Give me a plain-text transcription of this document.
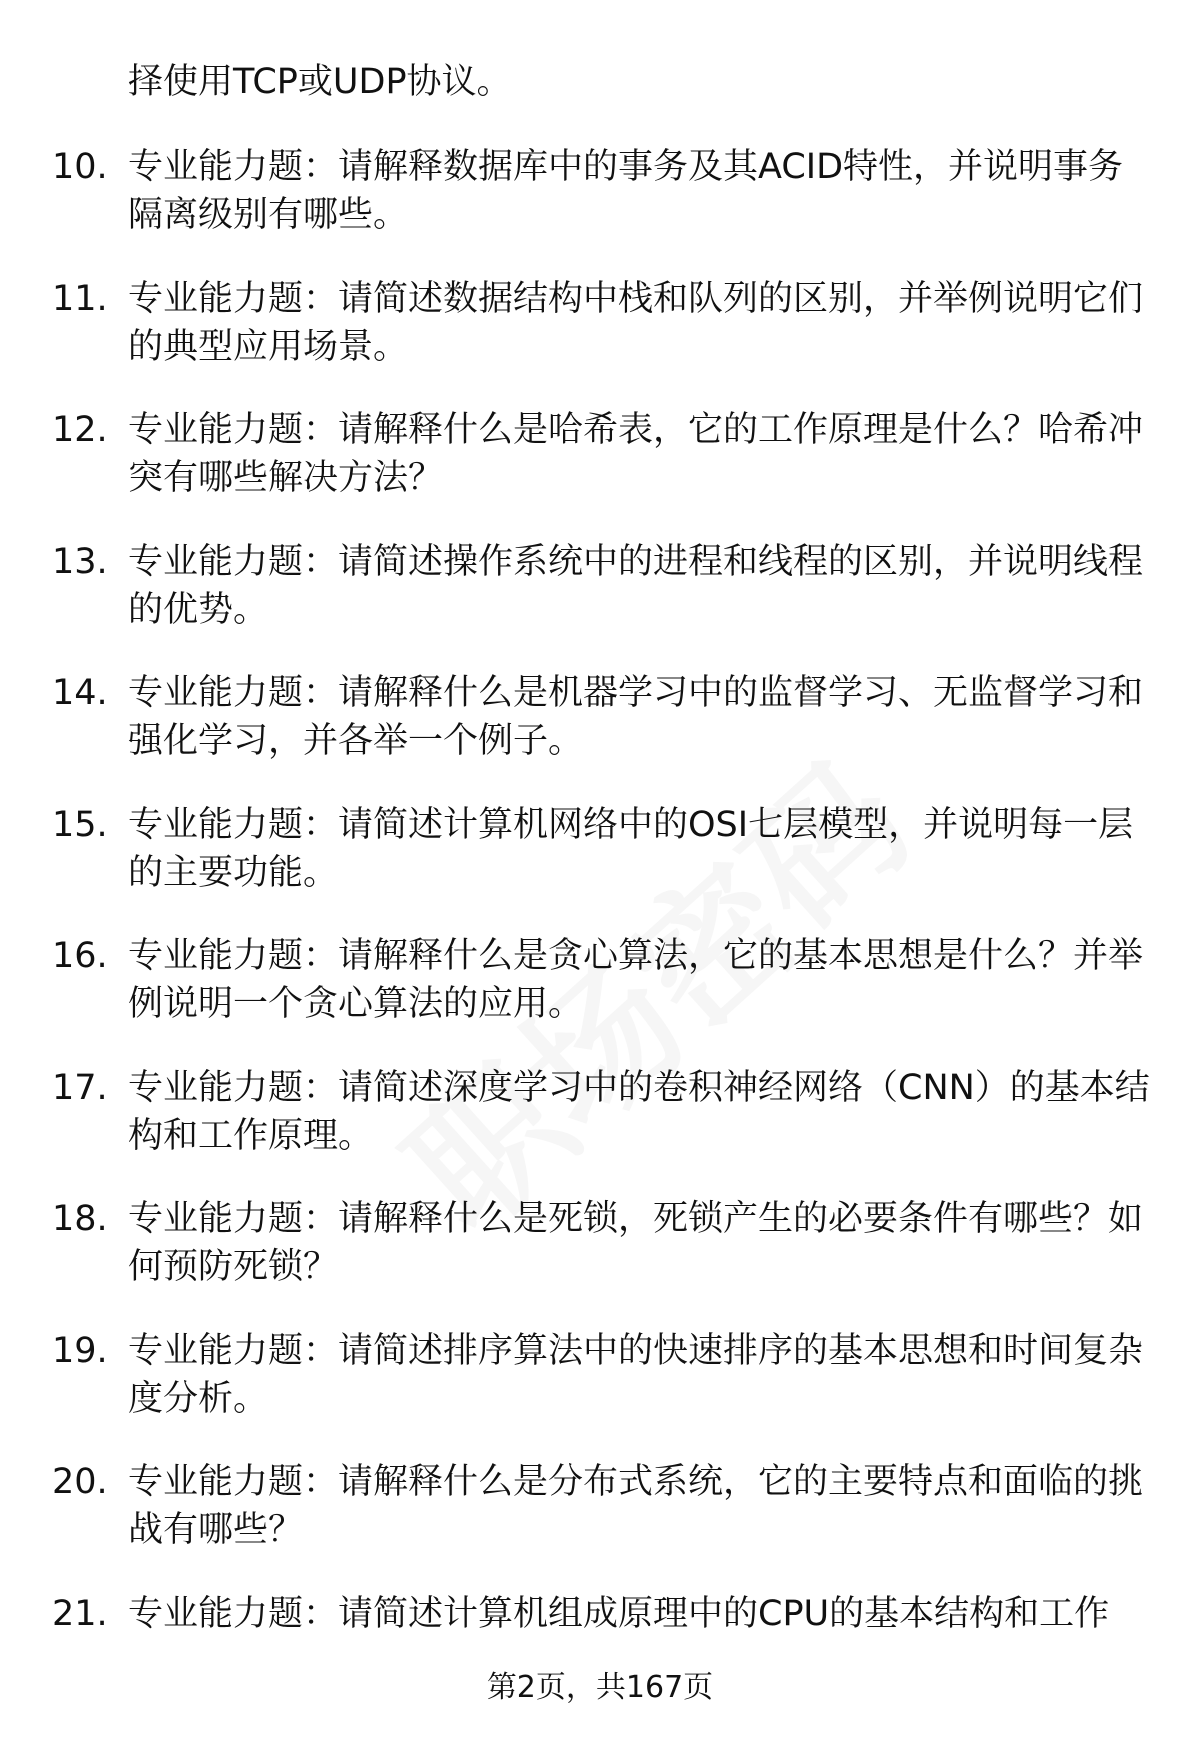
择使用TCP或UDP协议。
10. 专业能力题：请解释数据库中的事务及其ACID特性，并说明事务隔离级别有哪些。
11. 专业能力题：请简述数据结构中栈和队列的区别，并举例说明它们的典型应用场景。
12. 专业能力题：请解释什么是哈希表，它的工作原理是什么？哈希冲突有哪些解决方法？
13. 专业能力题：请简述操作系统中的进程和线程的区别，并说明线程的优势。
14. 专业能力题：请解释什么是机器学习中的监督学习、无监督学习和强化学习，并各举一个例子。
15. 专业能力题：请简述计算机网络中的OSI七层模型，并说明每一层的主要功能。
16. 专业能力题：请解释什么是贪心算法，它的基本思想是什么？并举例说明一个贪心算法的应用。
17. 专业能力题：请简述深度学习中的卷积神经网络（CNN）的基本结构和工作原理。
18. 专业能力题：请解释什么是死锁，死锁产生的必要条件有哪些？如何预防死锁？
19. 专业能力题：请简述排序算法中的快速排序的基本思想和时间复杂度分析。
20. 专业能力题：请解释什么是分布式系统，它的主要特点和面临的挑战有哪些？
21. 专业能力题：请简述计算机组成原理中的CPU的基本结构和工作
第2页，共167页
